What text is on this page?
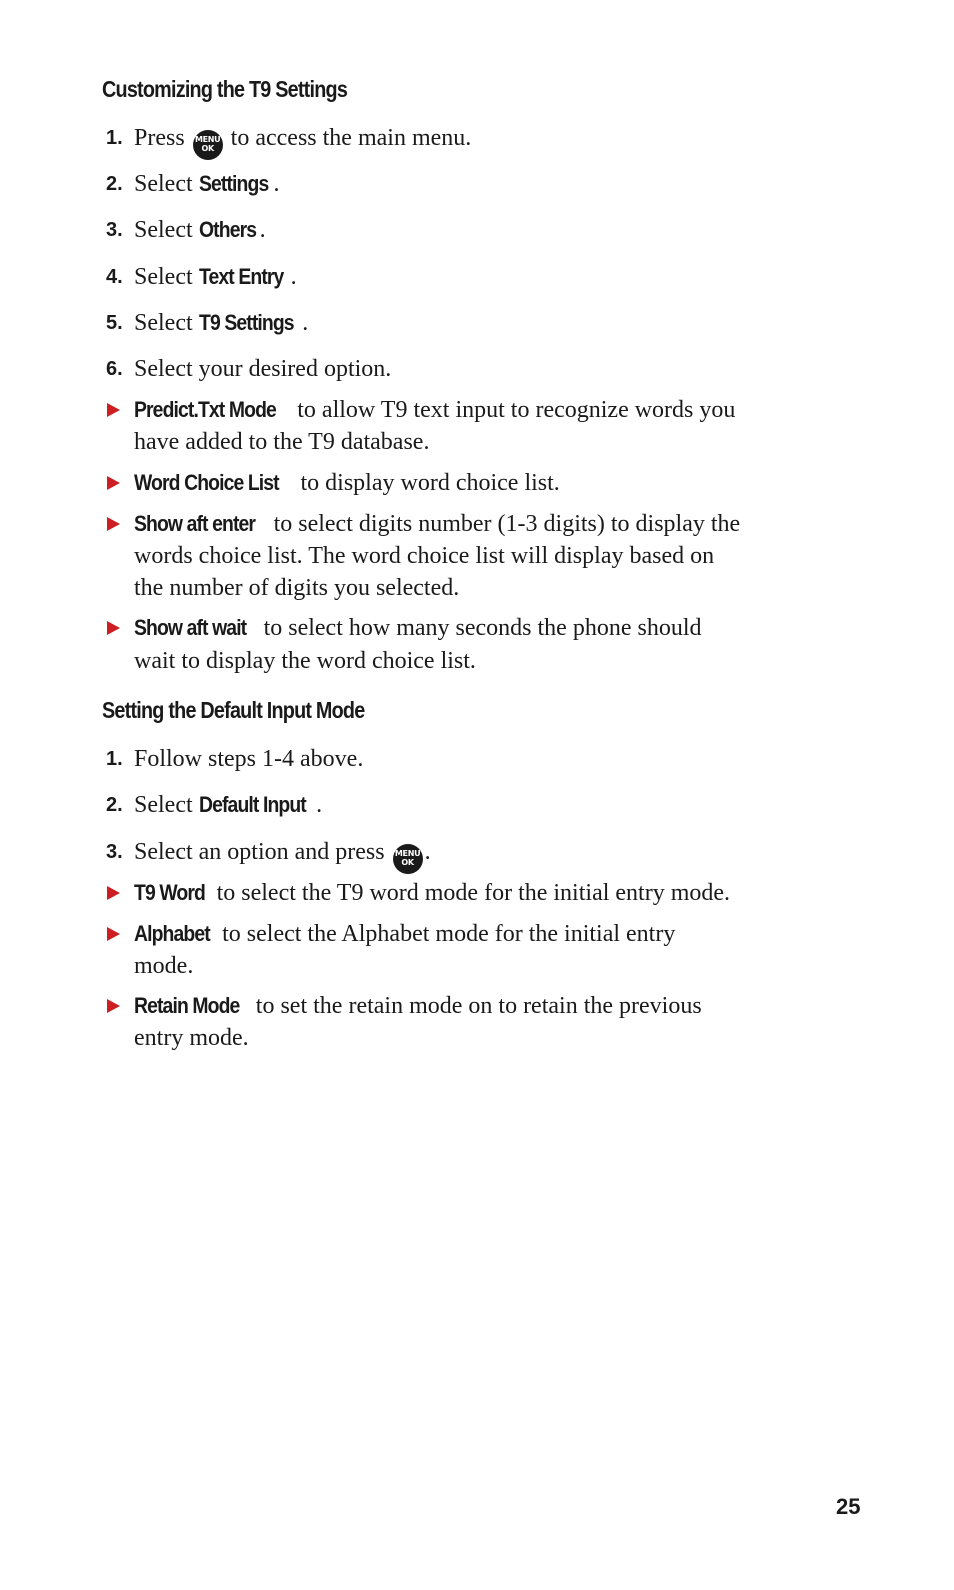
Customizing the T9 Settings
1. Press MENU
OK to access the main menu.
2. Select Settings .
3. Select Others .
4. Select Text Entry .
5. Select T9 Settings .
6. Select your desired option.
Predict.Txt Mode to allow T9 text input to recognize words you
have added to the T9 database.
Word Choice List to display word choice list.
Show aft enter to select digits number (1-3 digits) to display the
words choice list. The word choice list will display based on
the number of digits you selected.
Show aft wait to select how many seconds the phone should
wait to display the word choice list.
Setting the Default Input Mode
1. Follow steps 1-4 above.
2. Select Default Input .
3. Select an option and press MENU
OK .
T9 Word to select the T9 word mode for the initial entry mode.
Alphabet to select the Alphabet mode for the initial entry
mode.
Retain Mode to set the retain mode on to retain the previous
entry mode.
25
